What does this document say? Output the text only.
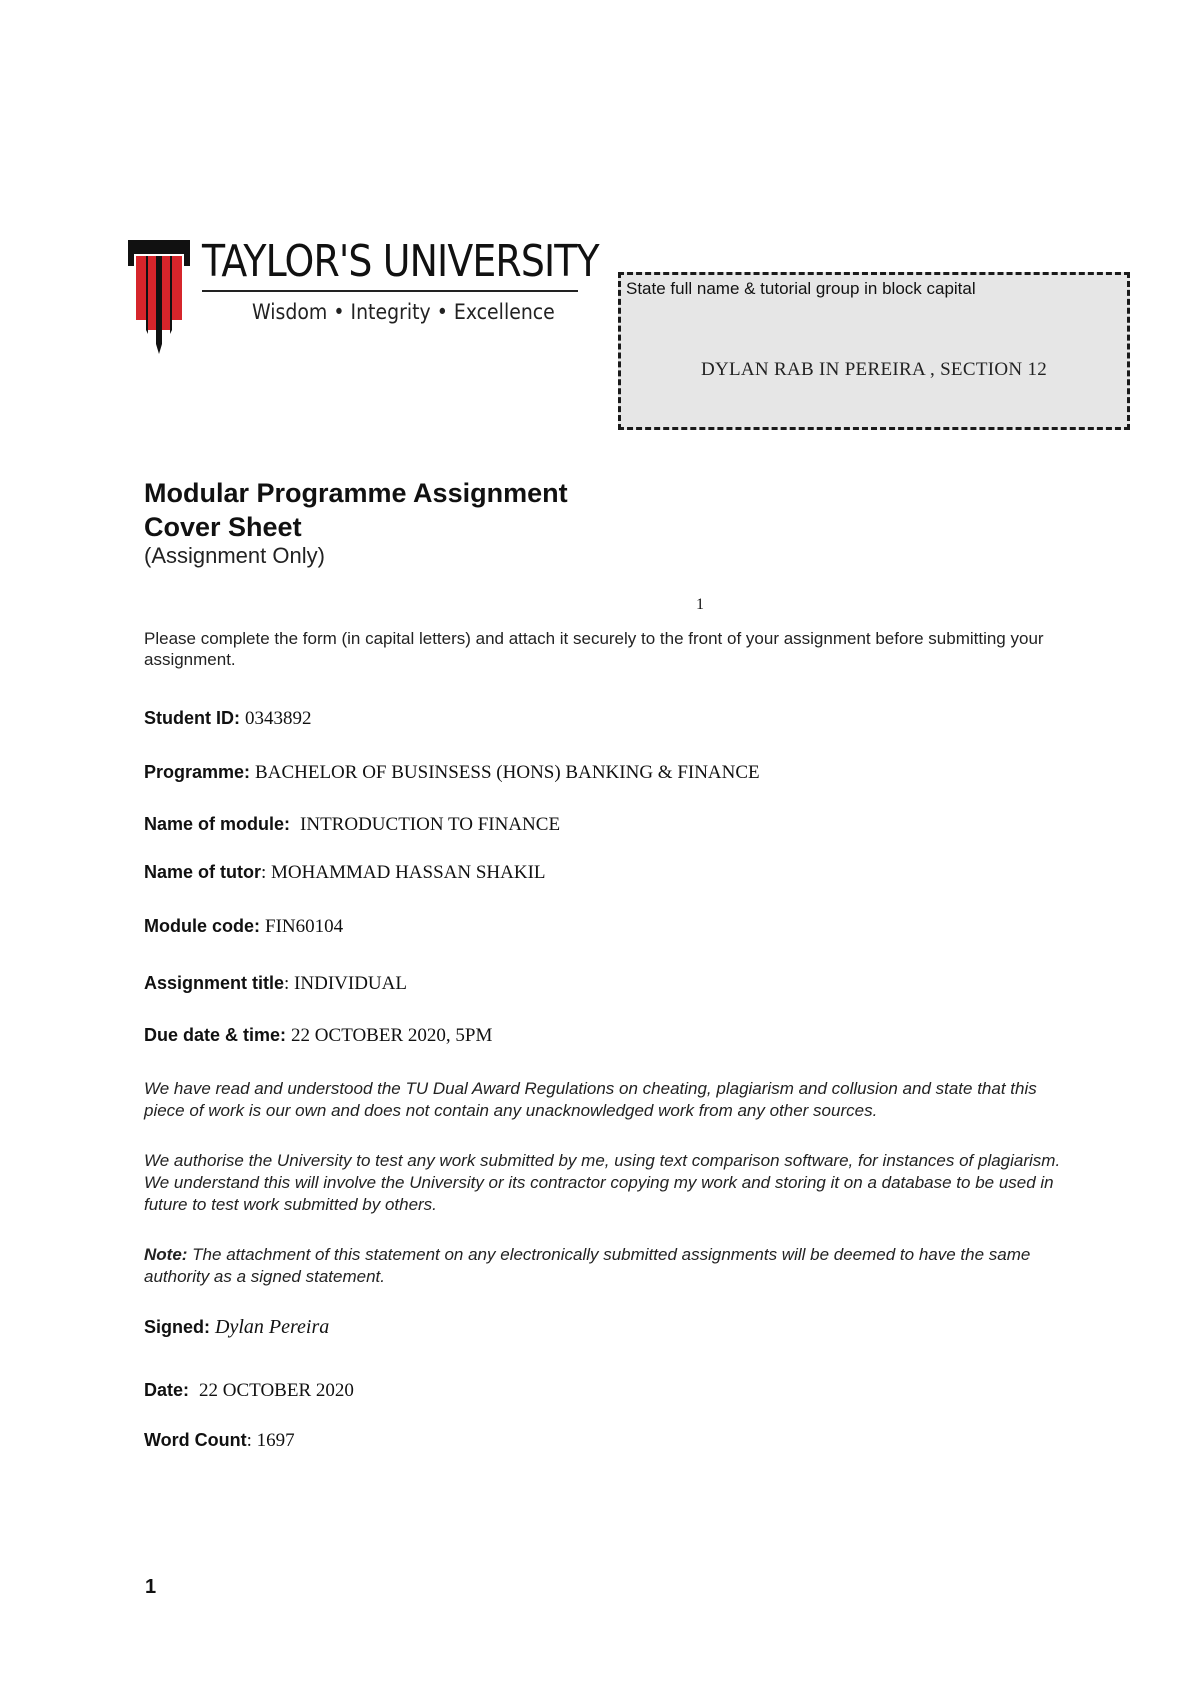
TAYLOR'S UNIVERSITY
Wisdom • Integrity • Excellence
State full name & tutorial group in block capital
DYLAN RAB IN PEREIRA , SECTION 12
Modular Programme Assignment
Cover Sheet
(Assignment Only)
1
Please complete the form (in capital letters) and attach it securely to the front of your assignment before submitting your assignment.
Student ID: 0343892
Programme: BACHELOR OF BUSINSESS (HONS) BANKING & FINANCE
Name of module: INTRODUCTION TO FINANCE
Name of tutor: MOHAMMAD HASSAN SHAKIL
Module code: FIN60104
Assignment title: INDIVIDUAL
Due date & time: 22 OCTOBER 2020, 5PM
We have read and understood the TU Dual Award Regulations on cheating, plagiarism and collusion and state that this piece of work is our own and does not contain any unacknowledged work from any other sources.
We authorise the University to test any work submitted by me, using text comparison software, for instances of plagiarism. We understand this will involve the University or its contractor copying my work and storing it on a database to be used in future to test work submitted by others.
Note: The attachment of this statement on any electronically submitted assignments will be deemed to have the same authority as a signed statement.
Signed: Dylan Pereira
Date: 22 OCTOBER 2020
Word Count: 1697
1
